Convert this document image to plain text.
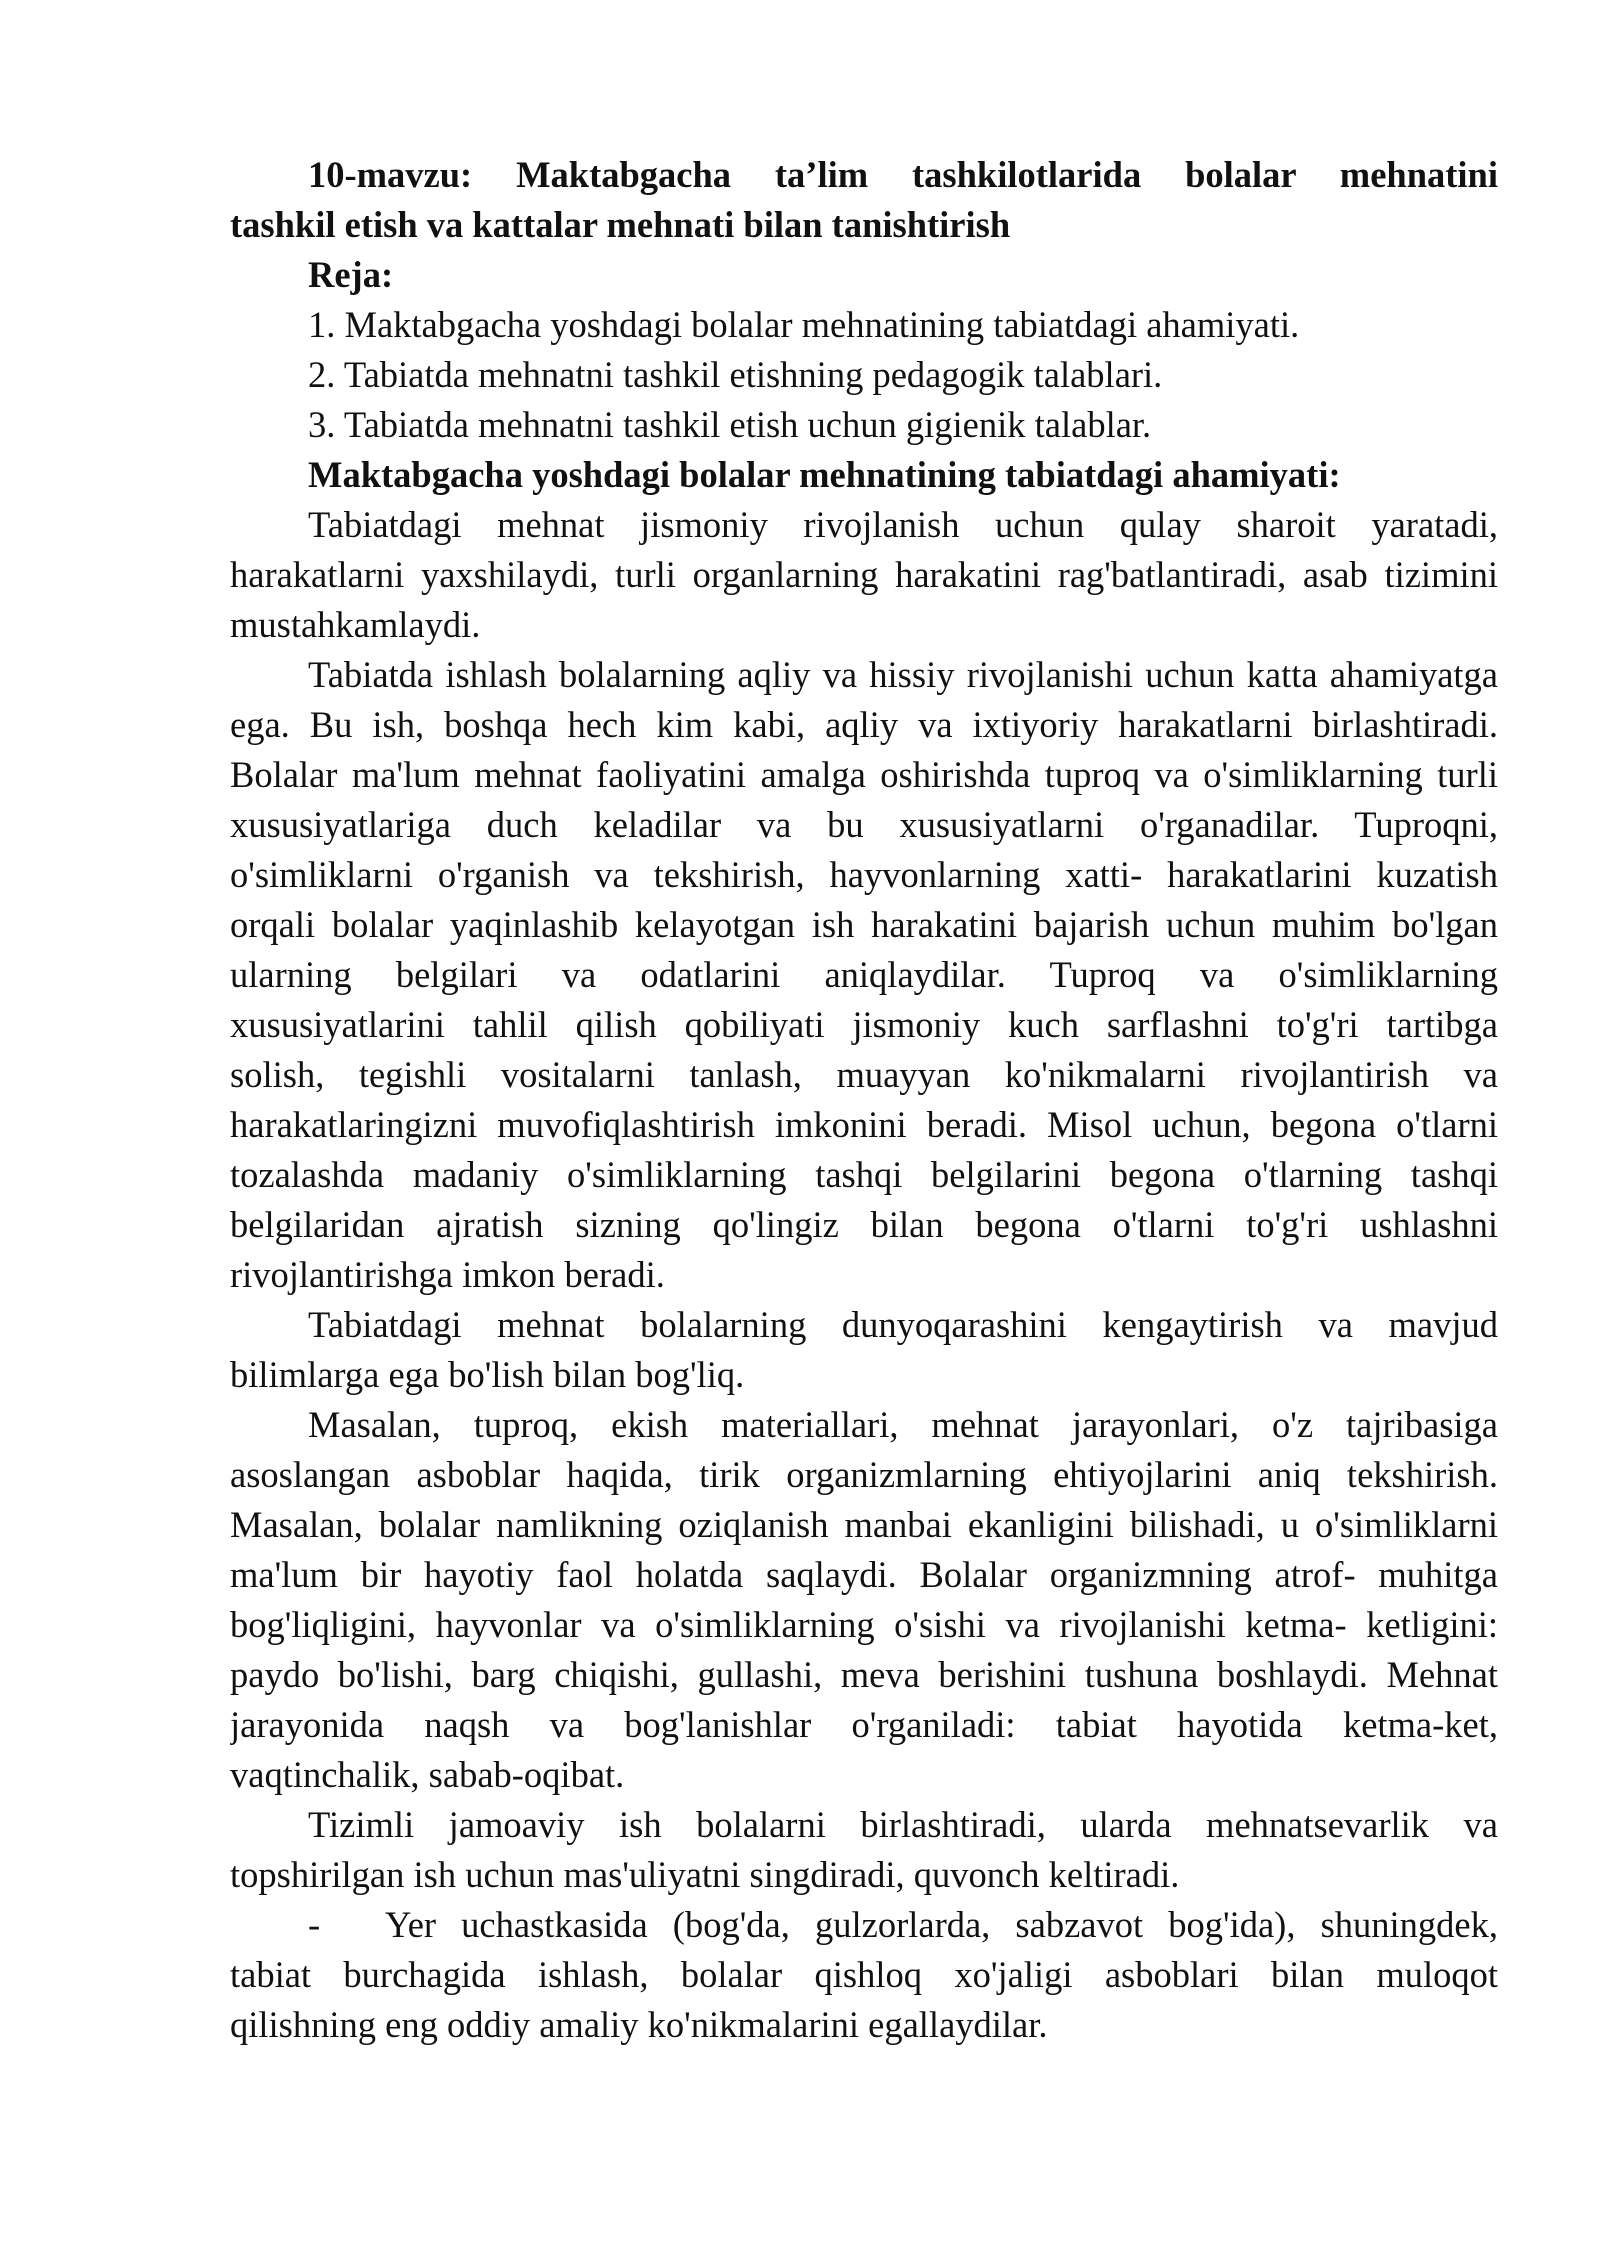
10-mavzu: Maktabgacha ta’lim tashkilotlarida bolalar mehnatini
tashkil etish va kattalar mehnati bilan tanishtirish
Reja:
1. Maktabgacha yoshdagi bolalar mehnatining tabiatdagi ahamiyati.
2. Tabiatda mehnatni tashkil etishning pedagogik talablari.
3. Tabiatda mehnatni tashkil etish uchun gigienik talablar.
Maktabgacha yoshdagi bolalar mehnatining tabiatdagi ahamiyati:
Tabiatdagi mehnat jismoniy rivojlanish uchun qulay sharoit yaratadi,
harakatlarni yaxshilaydi, turli organlarning harakatini rag'batlantiradi, asab tizimini
mustahkamlaydi.
Tabiatda ishlash bolalarning aqliy va hissiy rivojlanishi uchun katta ahamiyatga
ega. Bu ish, boshqa hech kim kabi, aqliy va ixtiyoriy harakatlarni birlashtiradi.
Bolalar ma'lum mehnat faoliyatini amalga oshirishda tuproq va o'simliklarning turli
xususiyatlariga duch keladilar va bu xususiyatlarni o'rganadilar. Tuproqni,
o'simliklarni o'rganish va tekshirish, hayvonlarning xatti- harakatlarini kuzatish
orqali bolalar yaqinlashib kelayotgan ish harakatini bajarish uchun muhim bo'lgan
ularning belgilari va odatlarini aniqlaydilar. Tuproq va o'simliklarning
xususiyatlarini tahlil qilish qobiliyati jismoniy kuch sarflashni to'g'ri tartibga
solish, tegishli vositalarni tanlash, muayyan ko'nikmalarni rivojlantirish va
harakatlaringizni muvofiqlashtirish imkonini beradi. Misol uchun, begona o'tlarni
tozalashda madaniy o'simliklarning tashqi belgilarini begona o'tlarning tashqi
belgilaridan ajratish sizning qo'lingiz bilan begona o'tlarni to'g'ri ushlashni
rivojlantirishga imkon beradi.
Tabiatdagi mehnat bolalarning dunyoqarashini kengaytirish va mavjud
bilimlarga ega bo'lish bilan bog'liq.
Masalan, tuproq, ekish materiallari, mehnat jarayonlari, o'z tajribasiga
asoslangan asboblar haqida, tirik organizmlarning ehtiyojlarini aniq tekshirish.
Masalan, bolalar namlikning oziqlanish manbai ekanligini bilishadi, u o'simliklarni
ma'lum bir hayotiy faol holatda saqlaydi. Bolalar organizmning atrof- muhitga
bog'liqligini, hayvonlar va o'simliklarning o'sishi va rivojlanishi ketma- ketligini:
paydo bo'lishi, barg chiqishi, gullashi, meva berishini tushuna boshlaydi. Mehnat
jarayonida naqsh va bog'lanishlar o'rganiladi: tabiat hayotida ketma-ket,
vaqtinchalik, sabab-oqibat.
Tizimli jamoaviy ish bolalarni birlashtiradi, ularda mehnatsevarlik va
topshirilgan ish uchun mas'uliyatni singdiradi, quvonch keltiradi.
-	Yer uchastkasida (bog'da, gulzorlarda, sabzavot bog'ida), shuningdek,
tabiat burchagida ishlash, bolalar qishloq xo'jaligi asboblari bilan muloqot
qilishning eng oddiy amaliy ko'nikmalarini egallaydilar.
